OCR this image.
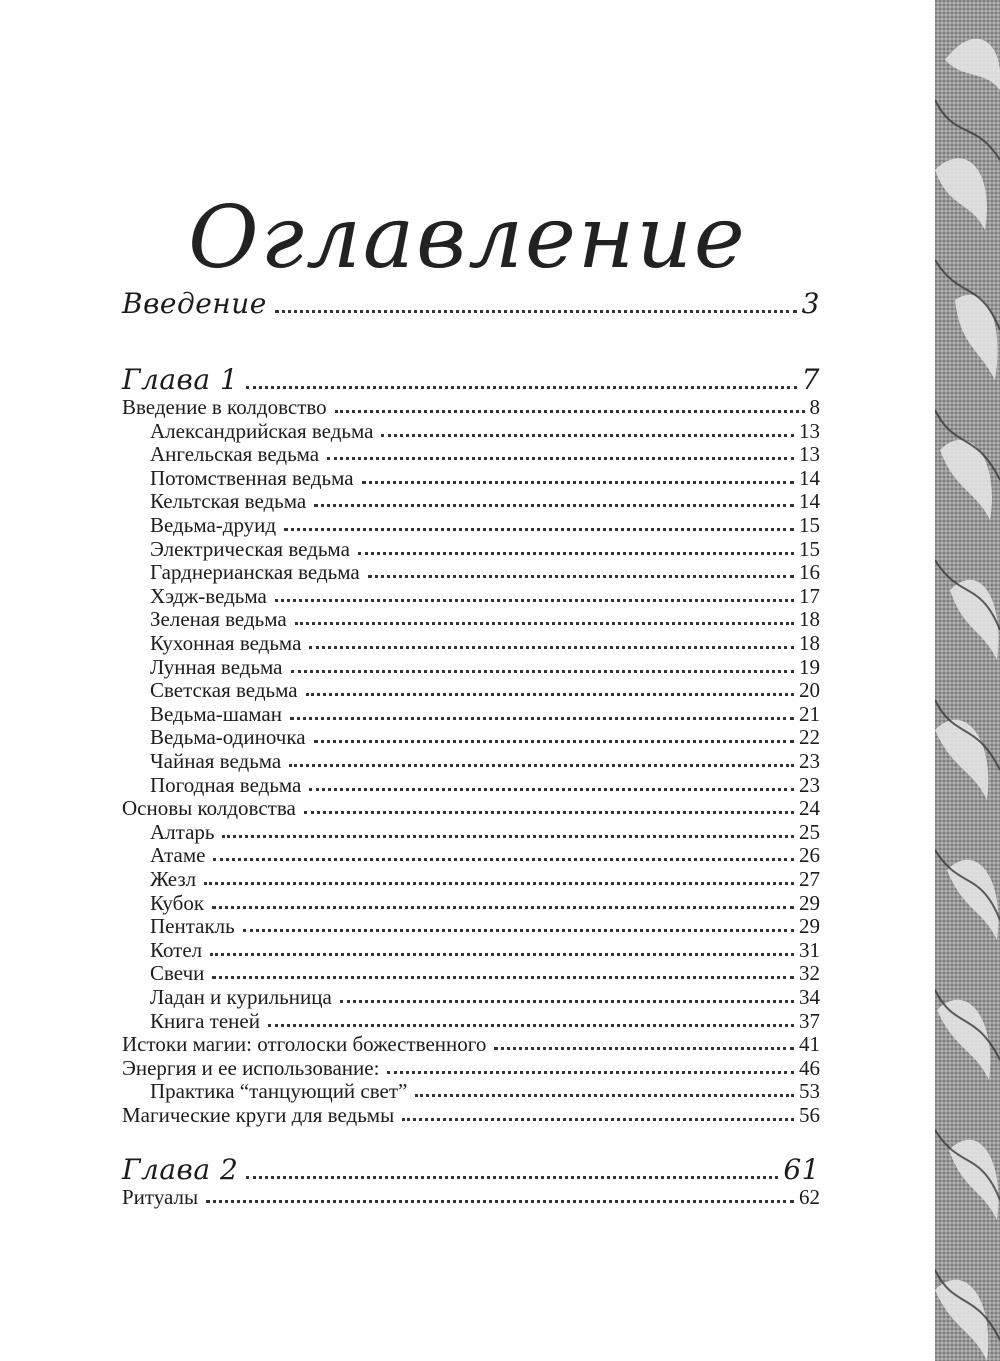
Оглавление
Введение	3
Глава 1	7
Введение в колдовство	8
Александрийская ведьма	13
Ангельская ведьма	13
Потомственная ведьма	14
Кельтская ведьма	14
Ведьма-друид	15
Электрическая ведьма	15
Гарднерианская ведьма	16
Хэдж-ведьма	17
Зеленая ведьма	18
Кухонная ведьма	18
Лунная ведьма	19
Светская ведьма	20
Ведьма-шаман	21
Ведьма-одиночка	22
Чайная ведьма	23
Погодная ведьма	23
Основы колдовства	24
Алтарь	25
Атаме	26
Жезл	27
Кубок	29
Пентакль	29
Котел	31
Свечи	32
Ладан и курильница	34
Книга теней	37
Истоки магии: отголоски божественного	41
Энергия и ее использование:	46
Практика “танцующий свет”	53
Магические круги для ведьмы	56
Глава 2	61
Ритуалы	62
